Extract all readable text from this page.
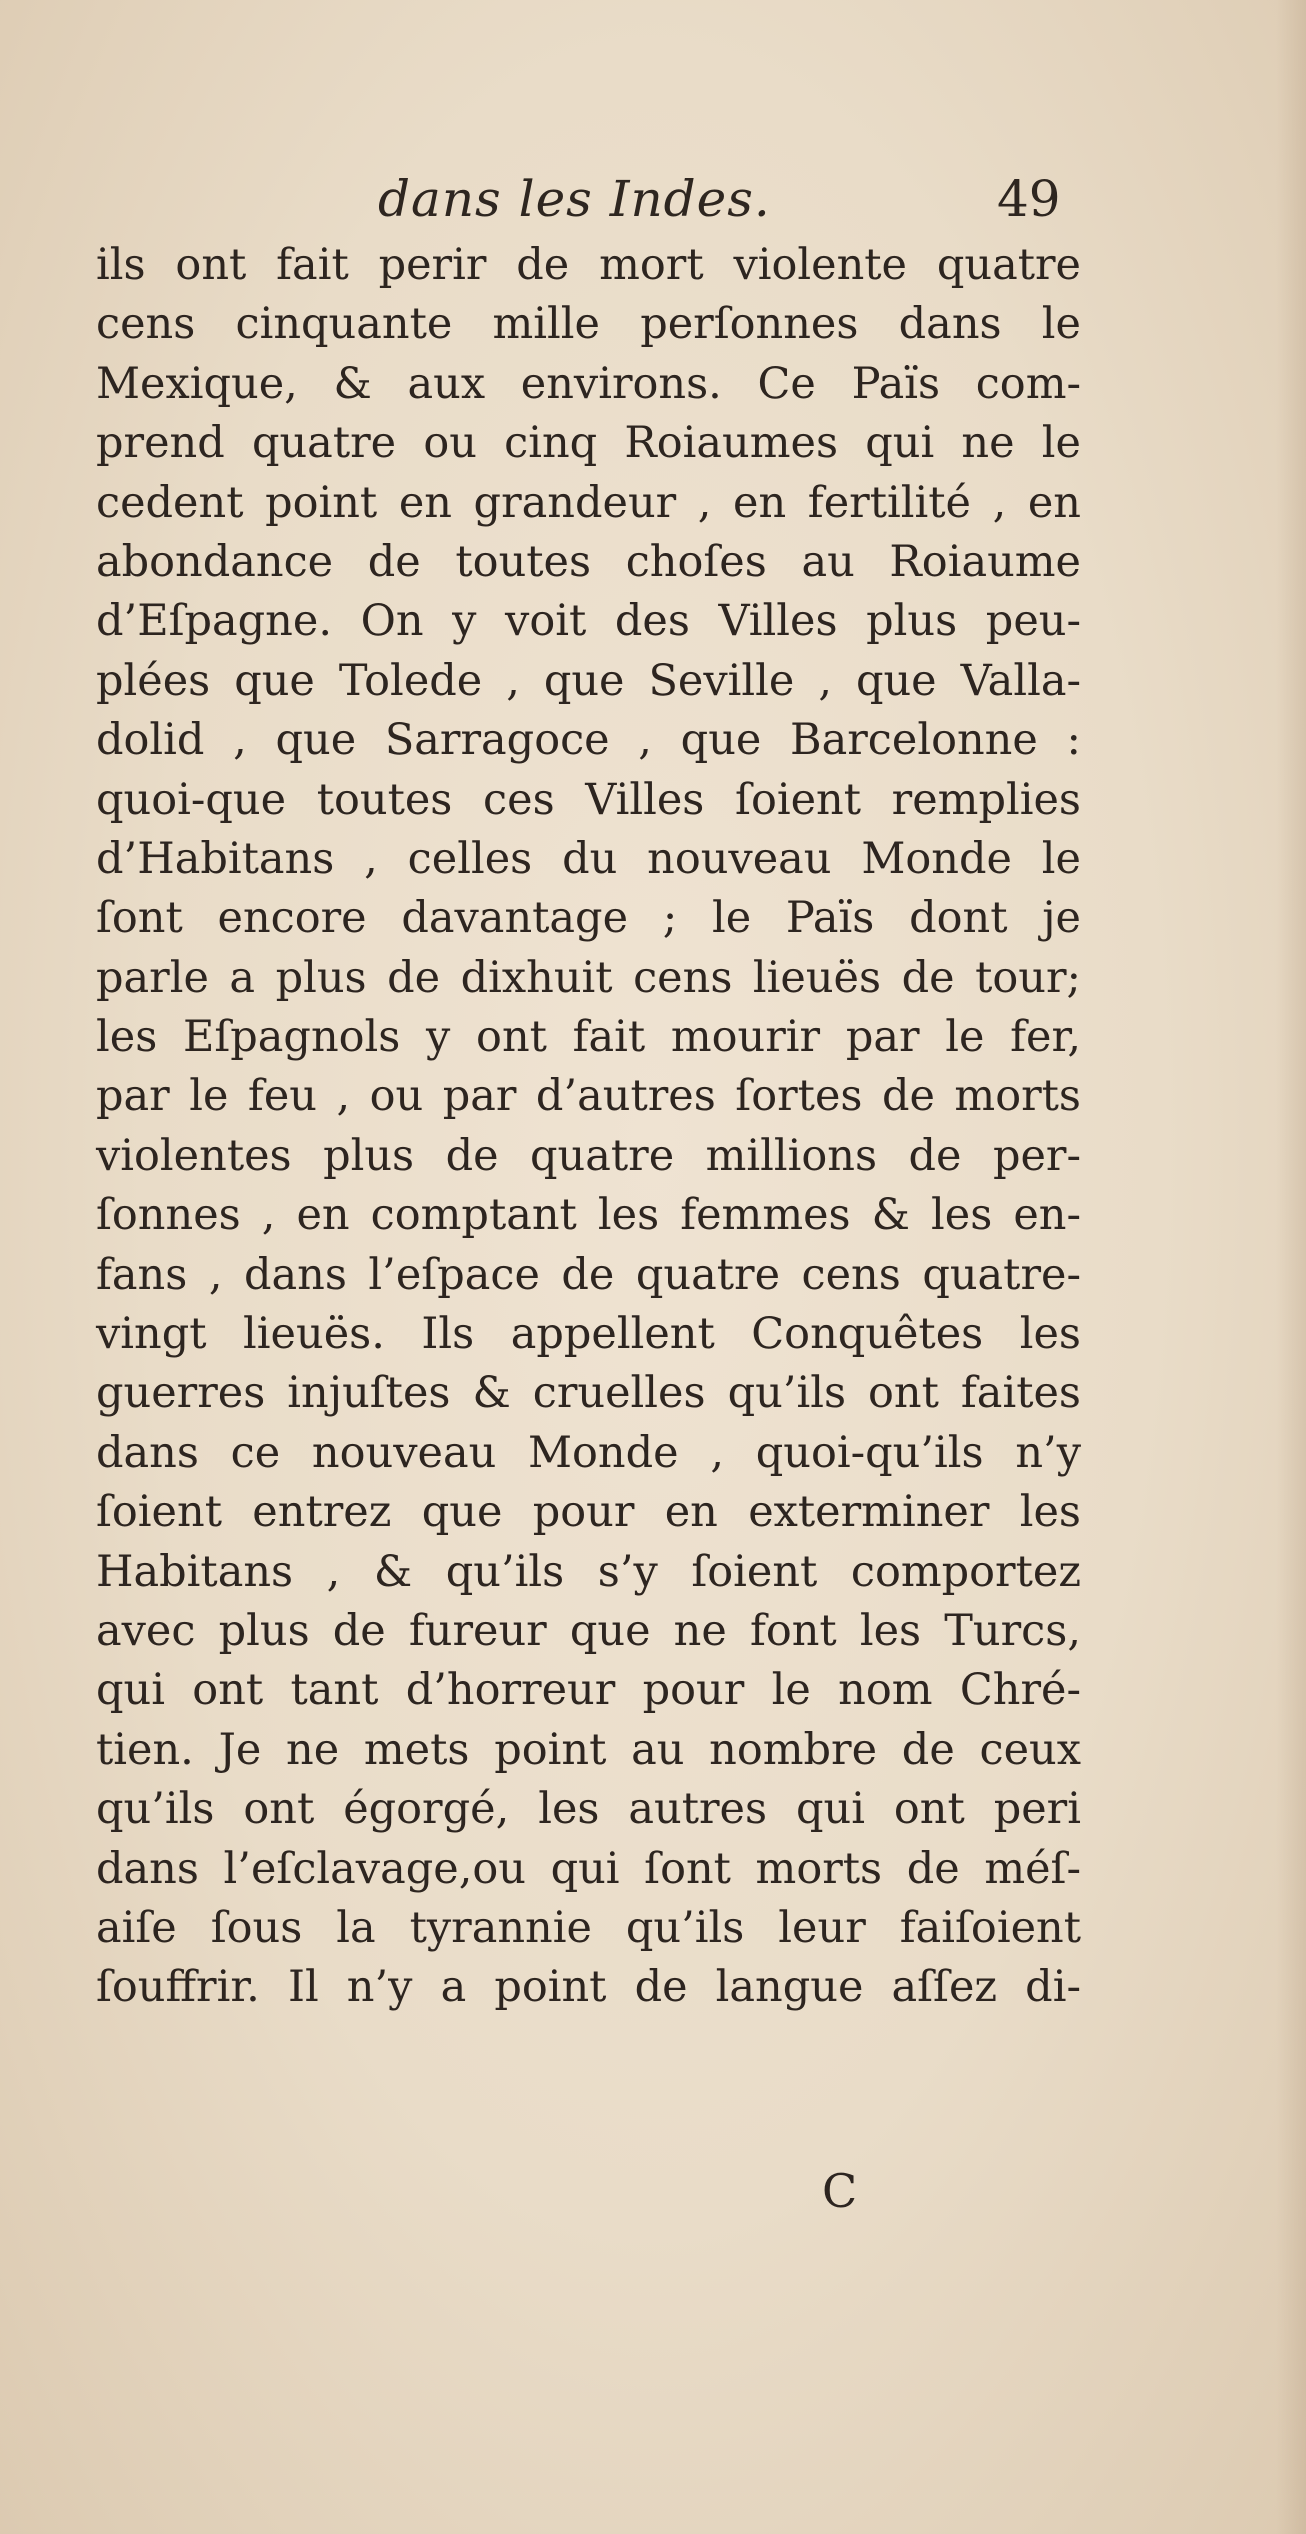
dans les Indes.	49
ils ont fait perir de mort violente quatre
cens cinquante mille perſonnes dans le
Mexique, & aux environs. Ce Païs com-
prend quatre ou cinq Roiaumes qui ne le
cedent point en grandeur , en fertilité , en
abondance de toutes choſes au Roiaume
d’Eſpagne. On y voit des Villes plus peu-
plées que Tolede , que Seville , que Valla-
dolid , que Sarragoce , que Barcelonne :
quoi-que toutes ces Villes ſoient remplies
d’Habitans , celles du nouveau Monde le
ſont encore davantage ; le Païs dont je
parle a plus de dixhuit cens lieuës de tour;
les Eſpagnols y ont fait mourir par le fer,
par le feu , ou par d’autres ſortes de morts
violentes plus de quatre millions de per-
ſonnes , en comptant les femmes & les en-
fans , dans l’eſpace de quatre cens quatre-
vingt lieuës. Ils appellent Conquêtes les
guerres injuſtes & cruelles qu’ils ont faites
dans ce nouveau Monde , quoi-qu’ils n’y
ſoient entrez que pour en exterminer les
Habitans , & qu’ils s’y ſoient comportez
avec plus de fureur que ne font les Turcs,
qui ont tant d’horreur pour le nom Chré-
tien. Je ne mets point au nombre de ceux
qu’ils ont égorgé, les autres qui ont peri
dans l’eſclavage,ou qui ſont morts de méſ-
aiſe ſous la tyrannie qu’ils leur faiſoient
ſouffrir. Il n’y a point de langue aſſez di-
C
